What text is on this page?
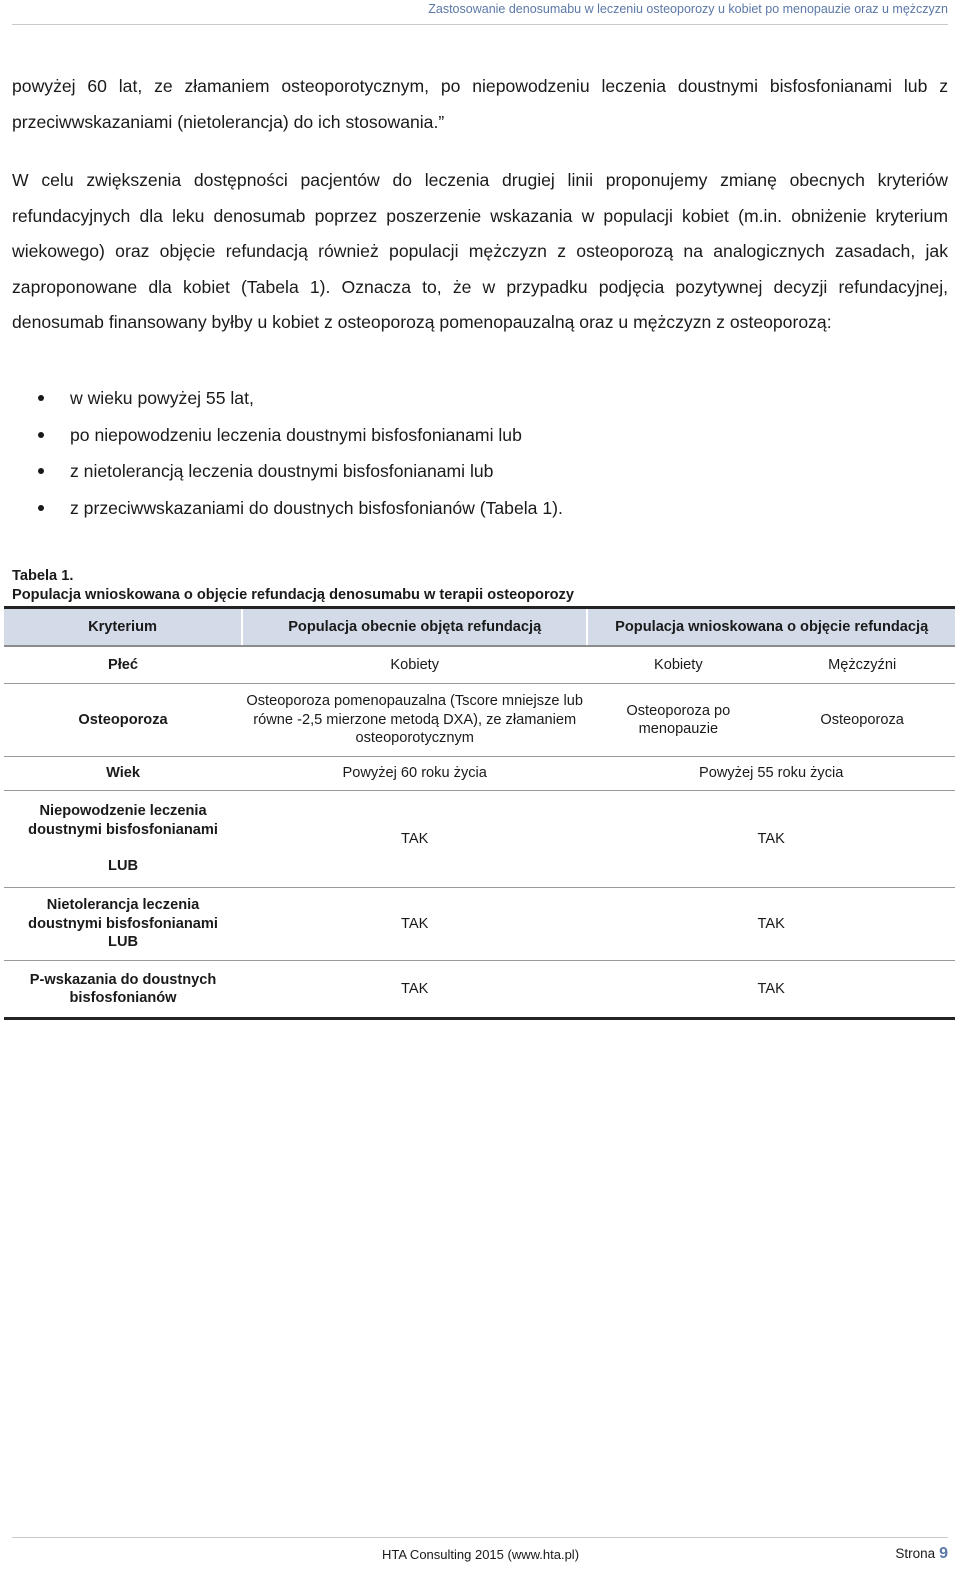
Zastosowanie denosumabu w leczeniu osteoporozy u kobiet po menopauzie oraz u mężczyzn

powyżej 60 lat, ze złamaniem osteoporotycznym, po niepowodzeniu leczenia doustnymi bisfosfonianami lub z przeciwwskazaniami (nietolerancja) do ich stosowania.”

W celu zwiększenia dostępności pacjentów do leczenia drugiej linii proponujemy zmianę obecnych kryteriów refundacyjnych dla leku denosumab poprzez poszerzenie wskazania w populacji kobiet (m.in. obniżenie kryterium wiekowego) oraz objęcie refundacją również populacji mężczyzn z osteoporozą na analogicznych zasadach, jak zaproponowane dla kobiet (Tabela 1). Oznacza to, że w przypadku podjęcia pozytywnej decyzji refundacyjnej, denosumab finansowany byłby u kobiet z osteoporozą pomenopauzalną oraz u mężczyzn z osteoporozą:

w wieku powyżej 55 lat,
po niepowodzeniu leczenia doustnymi bisfosfonianami lub
z nietolerancją leczenia doustnymi bisfosfonianami lub
z przeciwwskazaniami do doustnych bisfosfonianów (Tabela 1).
Tabela 1.
Populacja wnioskowana o objęcie refundacją denosumabu w terapii osteoporozy
Kryterium	Populacja obecnie objęta refundacją	Populacja wnioskowana o objęcie refundacją	
Płeć	Kobiety	Kobiety	Mężczyźni
Osteoporoza	Osteoporoza pomenopauzalna (Tscore mniejsze lub równe -2,5 mierzone metodą DXA), ze złamaniem osteoporotycznym	Osteoporoza po menopauzie	Osteoporoza
Wiek	Powyżej 60 roku życia	Powyżej 55 roku życia	
Niepowodzenie leczenia doustnymi bisfosfonianami
LUB	TAK	TAK	
Nietolerancja leczenia doustnymi bisfosfonianami
LUB	TAK	TAK	
P-wskazania do doustnych bisfosfonianów	TAK	TAK	
HTA Consulting 2015 (www.hta.pl)	Strona 9
